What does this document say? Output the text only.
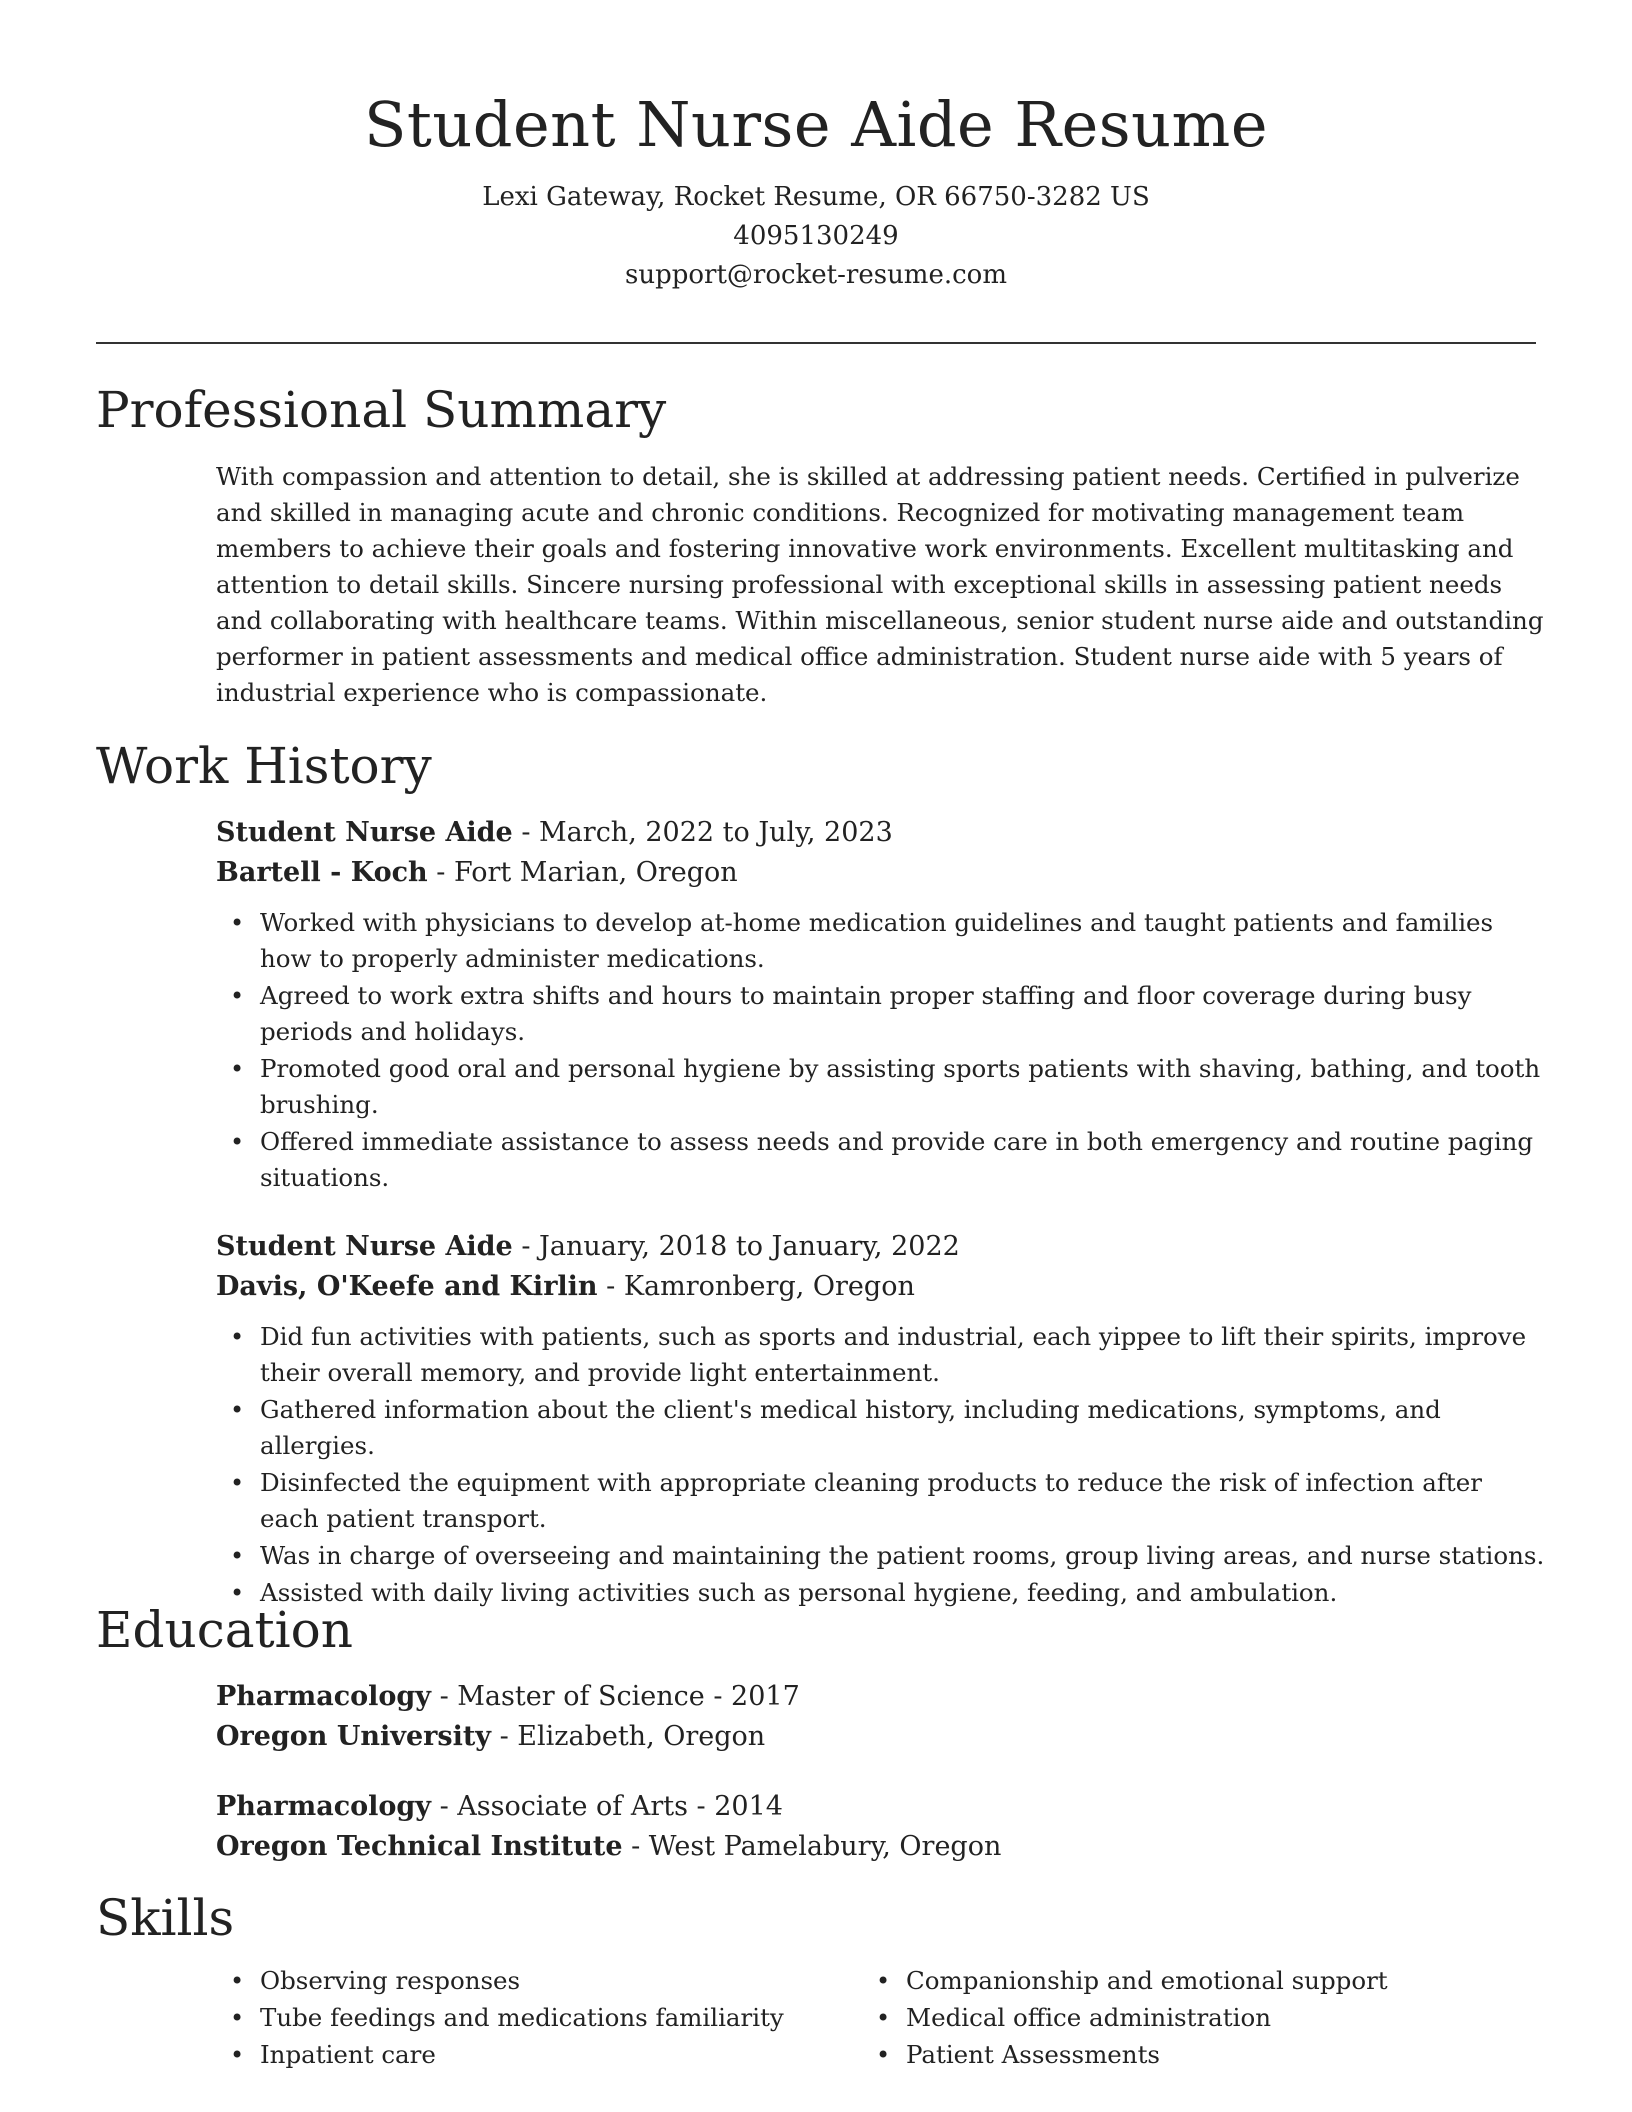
Student Nurse Aide Resume

Lexi Gateway, Rocket Resume, OR 66750-3282 US

4095130249

support@rocket-resume.com

Professional Summary

With compassion and attention to detail, she is skilled at addressing patient needs. Certified in pulverize and skilled in managing acute and chronic conditions. Recognized for motivating management team members to achieve their goals and fostering innovative work environments. Excellent multitasking and attention to detail skills. Sincere nursing professional with exceptional skills in assessing patient needs and collaborating with healthcare teams. Within miscellaneous, senior student nurse aide and outstanding performer in patient assessments and medical office administration. Student nurse aide with 5 years of industrial experience who is compassionate.

Work History

Student Nurse Aide - March, 2022 to July, 2023

Bartell - Koch - Fort Marian, Oregon

• Worked with physicians to develop at-home medication guidelines and taught patients and families how to properly administer medications.
• Agreed to work extra shifts and hours to maintain proper staffing and floor coverage during busy periods and holidays.
• Promoted good oral and personal hygiene by assisting sports patients with shaving, bathing, and tooth brushing.
• Offered immediate assistance to assess needs and provide care in both emergency and routine paging situations.

Student Nurse Aide - January, 2018 to January, 2022

Davis, O'Keefe and Kirlin - Kamronberg, Oregon

• Did fun activities with patients, such as sports and industrial, each yippee to lift their spirits, improve their overall memory, and provide light entertainment.
• Gathered information about the client's medical history, including medications, symptoms, and allergies.
• Disinfected the equipment with appropriate cleaning products to reduce the risk of infection after each patient transport.
• Was in charge of overseeing and maintaining the patient rooms, group living areas, and nurse stations.
• Assisted with daily living activities such as personal hygiene, feeding, and ambulation.
Education

Pharmacology - Master of Science - 2017

Oregon University - Elizabeth, Oregon

Pharmacology - Associate of Arts - 2014

Oregon Technical Institute - West Pamelabury, Oregon

Skills
• Observing responses
• Tube feedings and medications familiarity
• Inpatient care
• Companionship and emotional support
• Medical office administration
• Patient Assessments
